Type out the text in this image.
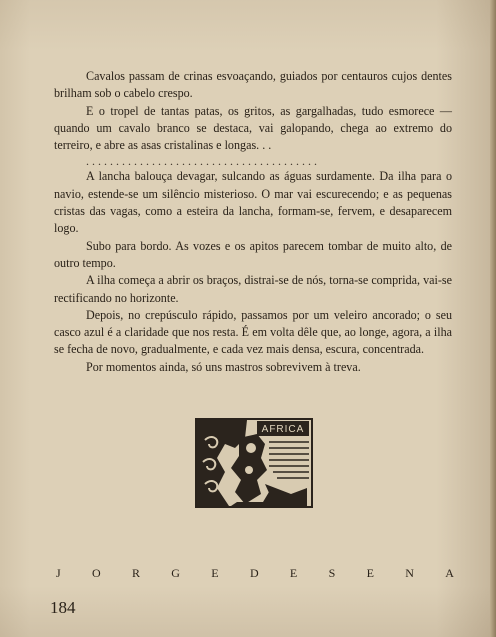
Cavalos passam de crinas esvoaçando, guiados por centauros cujos dentes brilham sob o cabelo crespo.

E o tropel de tantas patas, os gritos, as gargalhadas, tudo esmorece —quando um cavalo branco se destaca, vai galopando, chega ao extremo do terreiro, e abre as asas cristalinas e longas. . .

. . . . . . . . . . . . . . . . . . . . . . . . . . . . . . . . . . . . . . .

A lancha balouça devagar, sulcando as águas surdamente. Da ilha para o navio, estende-se um silêncio misterioso. O mar vai escurecendo; e as pequenas cristas das vagas, como a esteira da lancha, formam-se, fervem, e desaparecem logo.

Subo para bordo. As vozes e os apitos parecem tombar de muito alto, de outro tempo.

A ilha começa a abrir os braços, distrai-se de nós, torna-se comprida, vai-se rectificando no horizonte.

Depois, no crepúsculo rápido, passamos por um veleiro ancorado; o seu casco azul é a claridade que nos resta. É em volta dêle que, ao longe, agora, a ilha se fecha de novo, gradualmente, e cada vez mais densa, escura, concentrada.

Por momentos ainda, só uns mastros sobrevivem à treva.

AFRICA
J	O	R	G	E	D	E	S	E	N	A
184
